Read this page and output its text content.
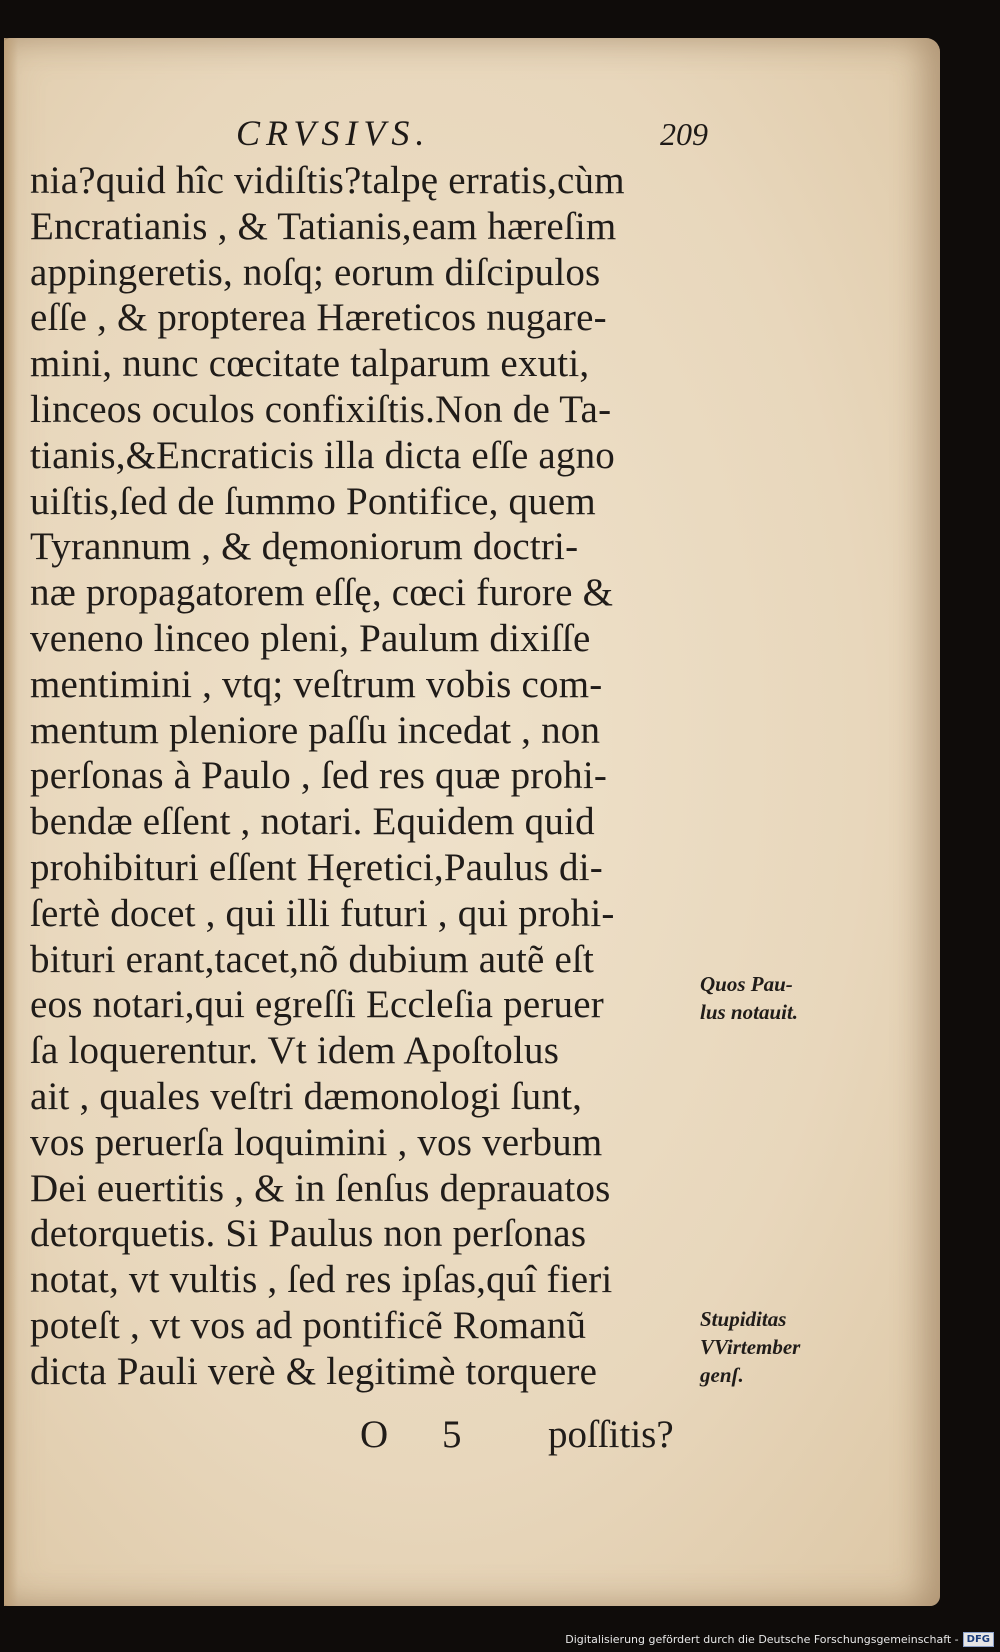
CRVSIVS.	209
nia?quid hîc vidiſtis?talpę erratis,cùm
Encratianis , & Tatianis,eam hæreſim
appingeretis, noſq; eorum diſcipulos
eſſe , & propterea Hæreticos nugare-
mini, nunc cœcitate talparum exuti,
linceos oculos confixiſtis.Non de Ta-
tianis,&Encraticis illa dicta eſſe agno
uiſtis,ſed de ſummo Pontifice, quem
Tyrannum , & dęmoniorum doctri-
næ propagatorem eſſę, cœci furore &
veneno linceo pleni, Paulum dixiſſe
mentimini , vtq; veſtrum vobis com-
mentum pleniore paſſu incedat , non
perſonas à Paulo , ſed res quæ prohi-
bendæ eſſent , notari. Equidem quid
prohibituri eſſent Hęretici,Paulus di-
ſertè docet , qui illi futuri , qui prohi-
bituri erant,tacet,nõ dubium autẽ eſt
eos notari,qui egreſſi Eccleſia peruer
ſa loquerentur. Vt idem Apoſtolus
ait , quales veſtri dæmonologi ſunt,
vos peruerſa loquimini , vos verbum
Dei euertitis , & in ſenſus deprauatos
detorquetis. Si Paulus non perſonas
notat, vt vultis , ſed res ipſas,quî fieri
poteſt , vt vos ad pontificẽ Romanũ
dicta Pauli verè & legitimè torquere
Quos Pau-
lus notauit.
Stupiditas
VVirtember
genſ.
O 5 poſſitis?
Digitalisierung gefördert durch die Deutsche Forschungsgemeinschaft - DFG
